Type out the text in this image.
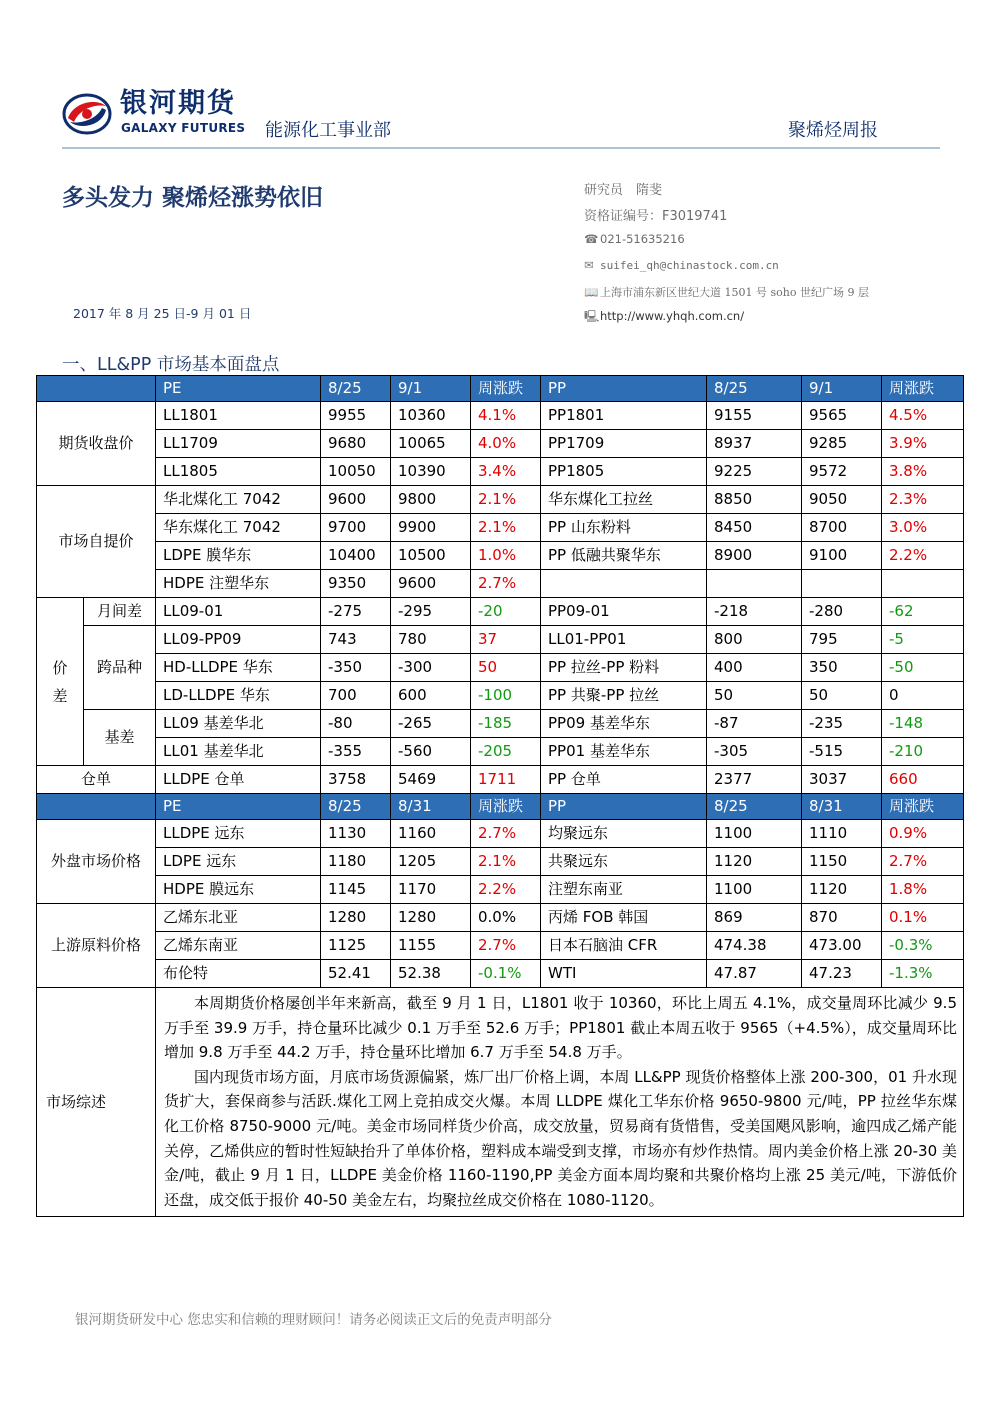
银河期货
GALAXY FUTURES 能源化工事业部	聚烯烃周报
多头发力 聚烯烃涨势依旧
2017 年 8 月 25 日-9 月 01 日
研究员　隋斐
资格证编号：F3019741
☎ 021-51635216
✉ suifei_qh@chinastock.com.cn
📖 上海市浦东新区世纪大道 1501 号 soho 世纪广场 9 层
🖳http://www.yhqh.com.cn/
一、LL&PP 市场基本面盘点
		PE	8/25	9/1	周涨跌	PP	8/25	9/1	周涨跌
期货收盘价		LL1801	9955	10360	4.1%	PP1801	9155	9565	4.5%
		LL1709	9680	10065	4.0%	PP1709	8937	9285	3.9%
		LL1805	10050	10390	3.4%	PP1805	9225	9572	3.8%
市场自提价		华北煤化工 7042	9600	9800	2.1%	华东煤化工拉丝	8850	9050	2.3%
		华东煤化工 7042	9700	9900	2.1%	PP 山东粉料	8450	8700	3.0%
		LDPE 膜华东	10400	10500	1.0%	PP 低融共聚华东	8900	9100	2.2%
		HDPE 注塑华东	9350	9600	2.7%				
价差	月间差	LL09-01	-275	-295	-20	PP09-01	-218	-280	-62
	跨品种	LL09-PP09	743	780	37	LL01-PP01	800	795	-5
		HD-LLDPE 华东	-350	-300	50	PP 拉丝-PP 粉料	400	350	-50
		LD-LLDPE 华东	700	600	-100	PP 共聚-PP 拉丝	50	50	0
	基差	LL09 基差华北	-80	-265	-185	PP09 基差华东	-87	-235	-148
		LL01 基差华北	-355	-560	-205	PP01 基差华东	-305	-515	-210
仓单		LLDPE 仓单	3758	5469	1711	PP 仓单	2377	3037	660
		PE	8/25	8/31	周涨跌	PP	8/25	8/31	周涨跌
外盘市场价格		LLDPE 远东	1130	1160	2.7%	均聚远东	1100	1110	0.9%
		LDPE 远东	1180	1205	2.1%	共聚远东	1120	1150	2.7%
		HDPE 膜远东	1145	1170	2.2%	注塑东南亚	1100	1120	1.8%
上游原料价格		乙烯东北亚	1280	1280	0.0%	丙烯 FOB 韩国	869	870	0.1%
		乙烯东南亚	1125	1155	2.7%	日本石脑油 CFR	474.38	473.00	-0.3%
		布伦特	52.41	52.38	-0.1%	WTI	47.87	47.23	-1.3%
市场综述		本周期货价格屡创半年来新高，截至 9 月 1 日，L1801 收于 10360，环比上周五 4.1%，成交量周环比减少 9.5 万手至 39.9 万手，持仓量环比减少 0.1 万手至 52.6 万手；PP1801 截止本周五收于 9565（+4.5%），成交量周环比增加 9.8 万手至 44.2 万手，持仓量环比增加 6.7 万手至 54.8 万手。

国内现货市场方面，月底市场货源偏紧，炼厂出厂价格上调，本周 LL&PP 现货价格整体上涨 200-300，01 升水现货扩大，套保商参与活跃.煤化工网上竞拍成交火爆。本周 LLDPE 煤化工华东价格 9650-9800 元/吨，PP 拉丝华东煤化工价格 8750-9000 元/吨。美金市场同样货少价高，成交放量，贸易商有货惜售，受美国飓风影响，逾四成乙烯产能关停，乙烯供应的暂时性短缺抬升了单体价格，塑料成本端受到支撑，市场亦有炒作热情。周内美金价格上涨 20-30 美金/吨，截止 9 月 1 日，LLDPE 美金价格 1160-1190,PP 美金方面本周均聚和共聚价格均上涨 25 美元/吨，下游低价还盘，成交低于报价 40-50 美金左右，均聚拉丝成交价格在 1080-1120。							

银河期货研发中心 您忠实和信赖的理财顾问！请务必阅读正文后的免责声明部分
